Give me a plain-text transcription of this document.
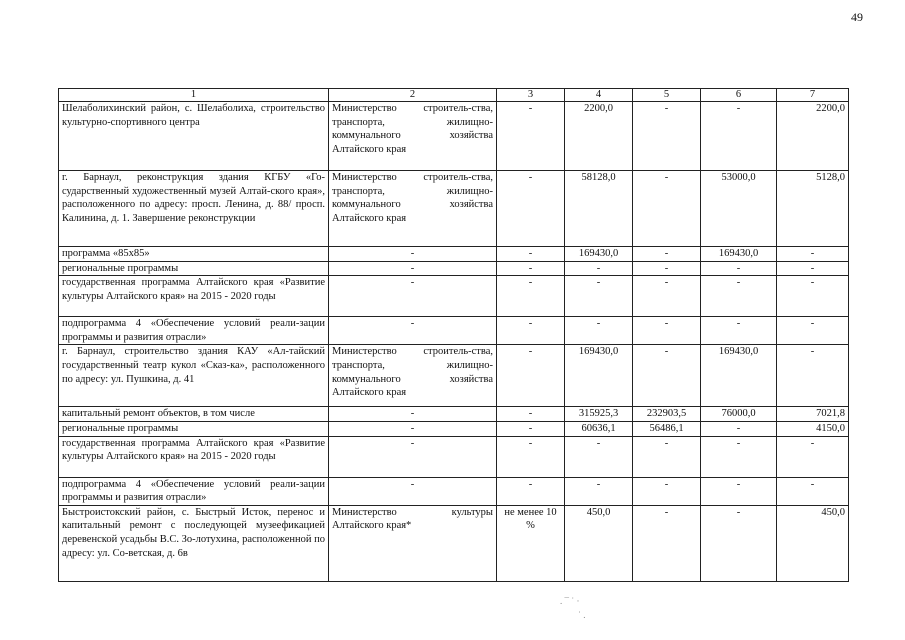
49
1	2	3	4	5	6	7
Шелаболихинский район, с. Шелаболиха, строительство культурно-спортивного центра	Министерство строитель-ства, транспорта, жилищно-коммунального хозяйства Алтайского края	-	2200,0	-	-	2200,0
г. Барнаул, реконструкция здания КГБУ «Го-сударственный художественный музей Алтай-ского края», расположенного по адресу: просп. Ленина, д. 88/ просп. Калинина, д. 1. Завершение реконструкции	Министерство строитель-ства, транспорта, жилищно-коммунального хозяйства Алтайского края	-	58128,0	-	53000,0	5128,0
программа «85х85»	-	-	169430,0	-	169430,0	-
региональные программы	-	-	-	-	-	-
государственная программа Алтайского края «Развитие культуры Алтайского края» на 2015 - 2020 годы	-	-	-	-	-	-
подпрограмма 4 «Обеспечение условий реали-зации программы и развития отрасли»	-	-	-	-	-	-
г. Барнаул, строительство здания КАУ «Ал-тайский государственный театр кукол «Сказ-ка», расположенного по адресу: ул. Пушкина, д. 41	Министерство строитель-ства, транспорта, жилищно-коммунального хозяйства Алтайского края	-	169430,0	-	169430,0	-
капитальный ремонт объектов, в том числе	-	-	315925,3	232903,5	76000,0	7021,8
региональные программы	-	-	60636,1	56486,1	-	4150,0
государственная программа Алтайского края «Развитие культуры Алтайского края» на 2015 - 2020 годы	-	-	-	-	-	-
подпрограмма 4 «Обеспечение условий реали-зации программы и развития отрасли»	-	-	-	-	-	-
Быстроистокский район, с. Быстрый Исток, перенос и капитальный ремонт с последующей музеефикацией деревенской усадьбы В.С. Зо-лотухина, расположенной по адресу: ул. Со-ветская, д. 6в	Министерство культуры Алтайского края*	не менее 10 %	450,0	-	-	450,0
. ¯ ˙ ·
˙ .
